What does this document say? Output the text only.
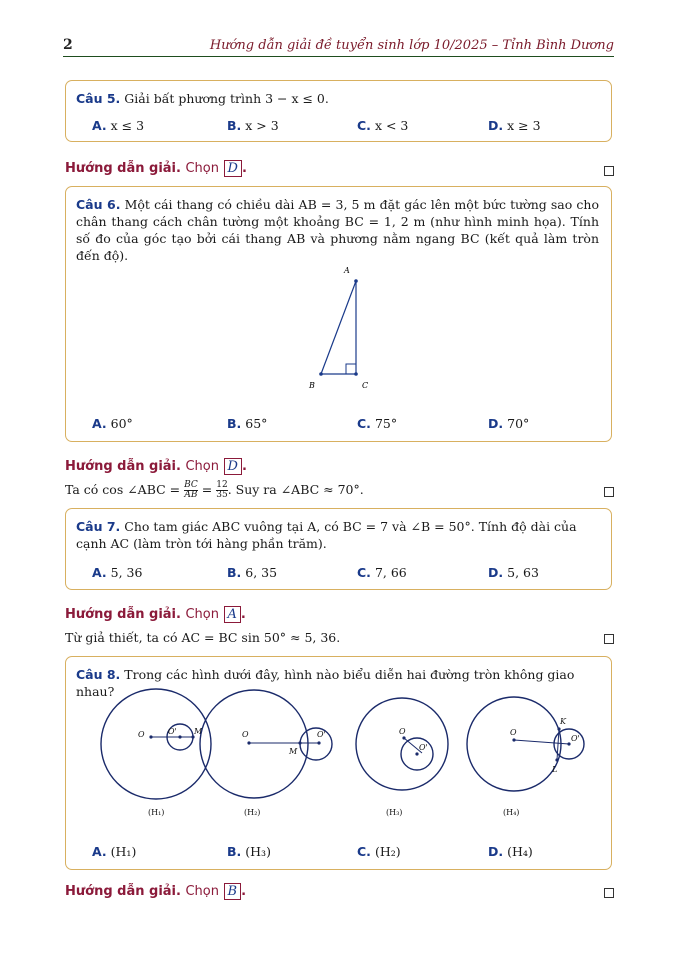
2	Hướng dẫn giải đề tuyển sinh lớp 10/2025 – Tỉnh Bình Dương
Câu 5. Giải bất phương trình 3 − x ≤ 0.
A. x ≤ 3	B. x > 3	C. x < 3	D. x ≥ 3
Hướng dẫn giải. Chọn D .
Câu 6. Một cái thang có chiều dài AB = 3, 5 m đặt gác lên một bức tường sao cho chân thang cách chân tường một khoảng BC = 1, 2 m (như hình minh họa). Tính số đo của góc tạo bởi cái thang AB và phương nằm ngang BC (kết quả làm tròn đến độ).
A
B	C
A. 60°	B. 65°	C. 75°	D. 70°
Hướng dẫn giải. Chọn D .
Ta có cos ∠ABC = $\frac{BC}{AB} = \frac{12}{35}$ . Suy ra ∠ABC ≈ 70°.
Câu 7. Cho tam giác ABC vuông tại A, có BC = 7 và ∠B = 50°. Tính độ dài của cạnh AC (làm tròn tới hàng phần trăm).
A. 5, 36	B. 6, 35	C. 7, 66	D. 5, 63
Hướng dẫn giải. Chọn A .
Từ giả thiết, ta có AC = BC sin 50° ≈ 5, 36.
Câu 8. Trong các hình dưới đây, hình nào biểu diễn hai đường tròn không giao nhau?
O	O' M
(H₁)
O	O'
M
(H₂)
O
O'
(H₃)
O
O'
K
L
(H₄)
A. (H₁)	B. (H₃)	C. (H₂)	D. (H₄)
Hướng dẫn giải. Chọn B .
